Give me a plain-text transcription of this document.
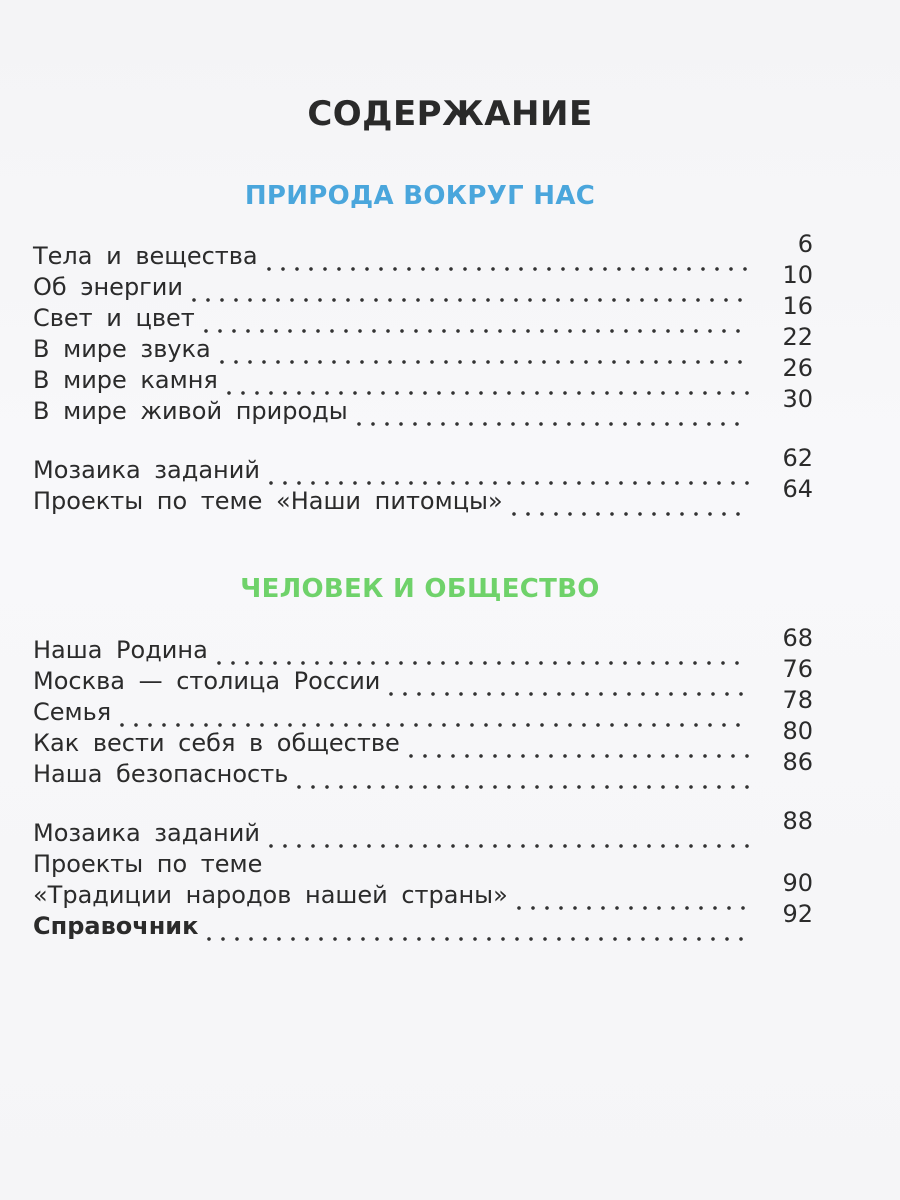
СОДЕРЖАНИЕ
ПРИРОДА ВОКРУГ НАС
Тела и вещества	6
Об энергии	10
Свет и цвет	16
В мире звука	22
В мире камня	26
В мире живой природы	30
Мозаика заданий	62
Проекты по теме «Наши питомцы»	64
ЧЕЛОВЕК И ОБЩЕСТВО
Наша Родина	68
Москва — столица России	76
Семья	78
Как вести себя в обществе	80
Наша безопасность	86
Мозаика заданий	88
Проекты по теме
«Традиции народов нашей страны»	90
Справочник	92
